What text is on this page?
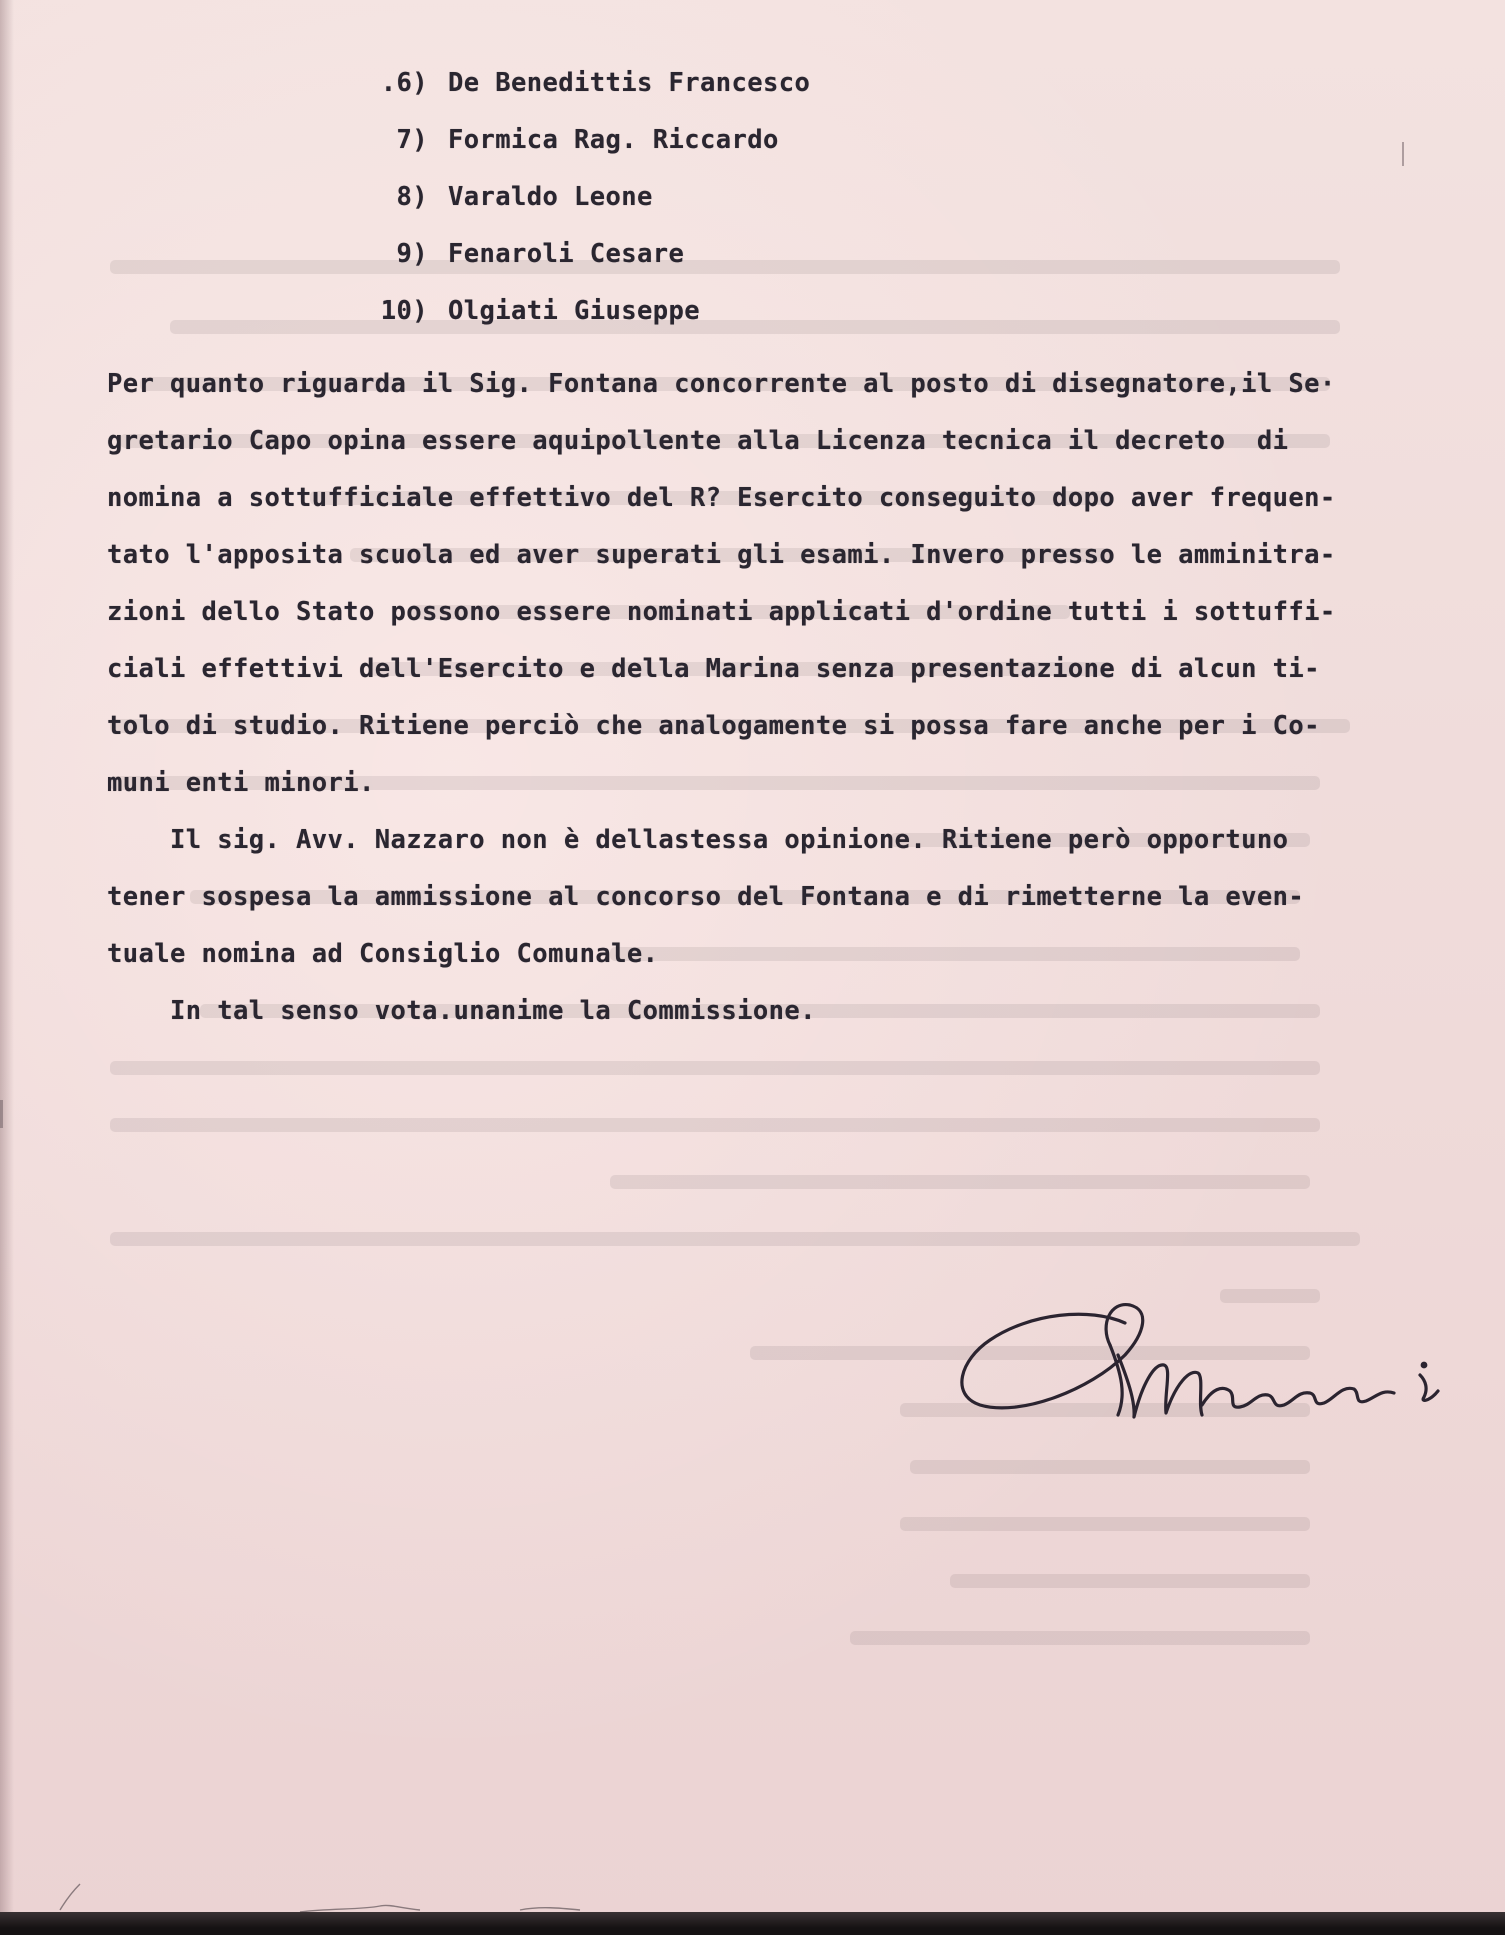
.6) De Benedittis Francesco
7) Formica Rag. Riccardo
8) Varaldo Leone
9) Fenaroli Cesare
10) Olgiati Giuseppe
Per quanto riguarda il Sig. Fontana concorrente al posto di disegnatore,il Se·
gretario Capo opina essere aquipollente alla Licenza tecnica il decreto  di
nomina a sottufficiale effettivo del R? Esercito conseguito dopo aver frequen-
tato l'apposita scuola ed aver superati gli esami. Invero presso le amminitra-
zioni dello Stato possono essere nominati applicati d'ordine tutti i sottuffi-
ciali effettivi dell'Esercito e della Marina senza presentazione di alcun ti-
tolo di studio. Ritiene perciò che analogamente si possa fare anche per i Co-
muni enti minori.
Il sig. Avv. Nazzaro non è dellastessa opinione. Ritiene però opportuno
tener sospesa la ammissione al concorso del Fontana e di rimetterne la even-
tuale nomina ad Consiglio Comunale.
In tal senso vota.unanime la Commissione.
